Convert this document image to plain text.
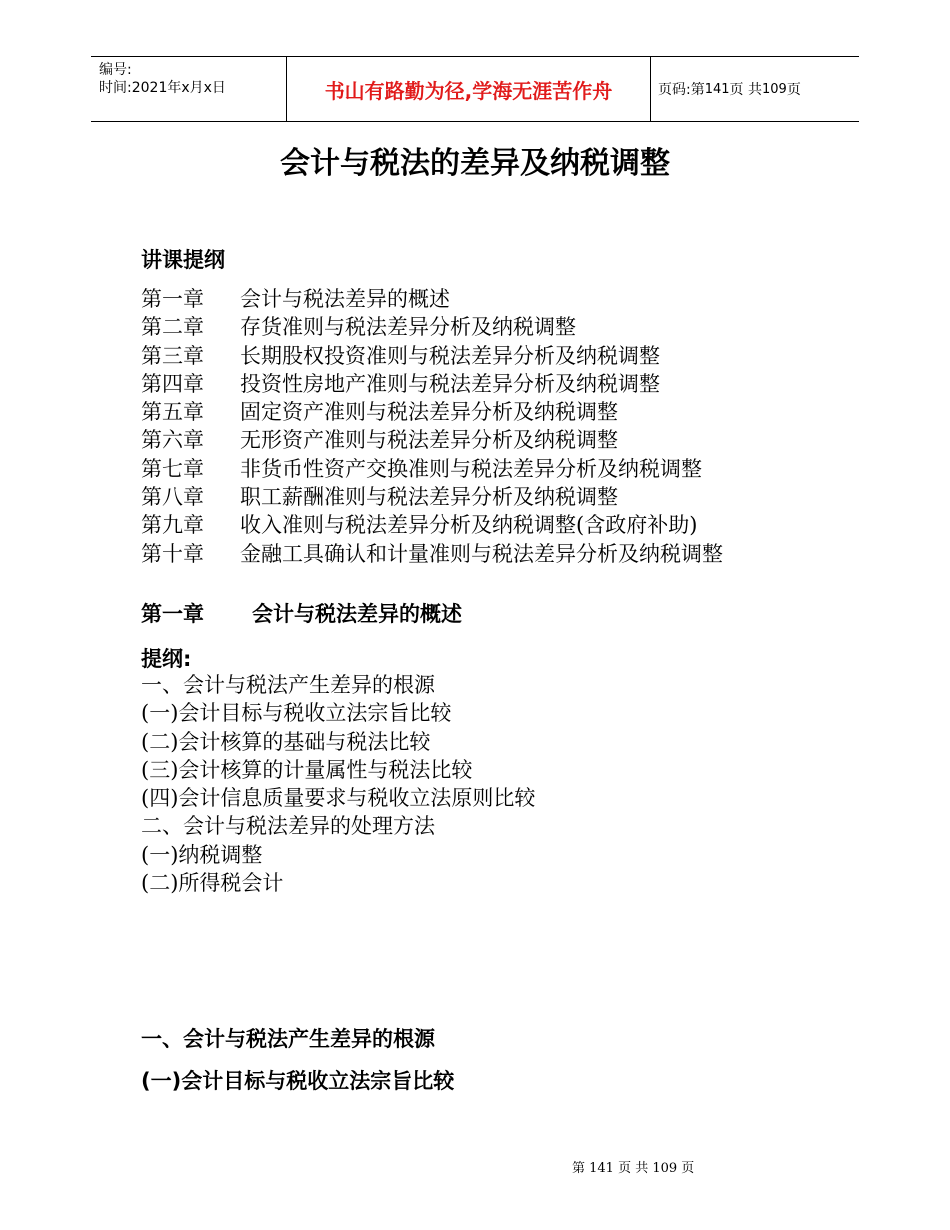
编号:
时间:2021年x月x日	书山有路勤为径,学海无涯苦作舟	页码:第 141 页 共 109 页
会计与税法的差异及纳税调整
讲课提纲
第一章	会计与税法差异的概述
第二章	存货准则与税法差异分析及纳税调整
第三章	长期股权投资准则与税法差异分析及纳税调整
第四章	投资性房地产准则与税法差异分析及纳税调整
第五章	固定资产准则与税法差异分析及纳税调整
第六章	无形资产准则与税法差异分析及纳税调整
第七章	非货币性资产交换准则与税法差异分析及纳税调整
第八章	职工薪酬准则与税法差异分析及纳税调整
第九章	收入准则与税法差异分析及纳税调整(含政府补助)
第十章	金融工具确认和计量准则与税法差异分析及纳税调整
第一章	会计与税法差异的概述
提纲:
一、会计与税法产生差异的根源
(一)会计目标与税收立法宗旨比较
(二)会计核算的基础与税法比较
(三)会计核算的计量属性与税法比较
(四)会计信息质量要求与税收立法原则比较
二、会计与税法差异的处理方法
(一)纳税调整
(二)所得税会计
一、会计与税法产生差异的根源
(一)会计目标与税收立法宗旨比较
第 141 页 共 109 页
